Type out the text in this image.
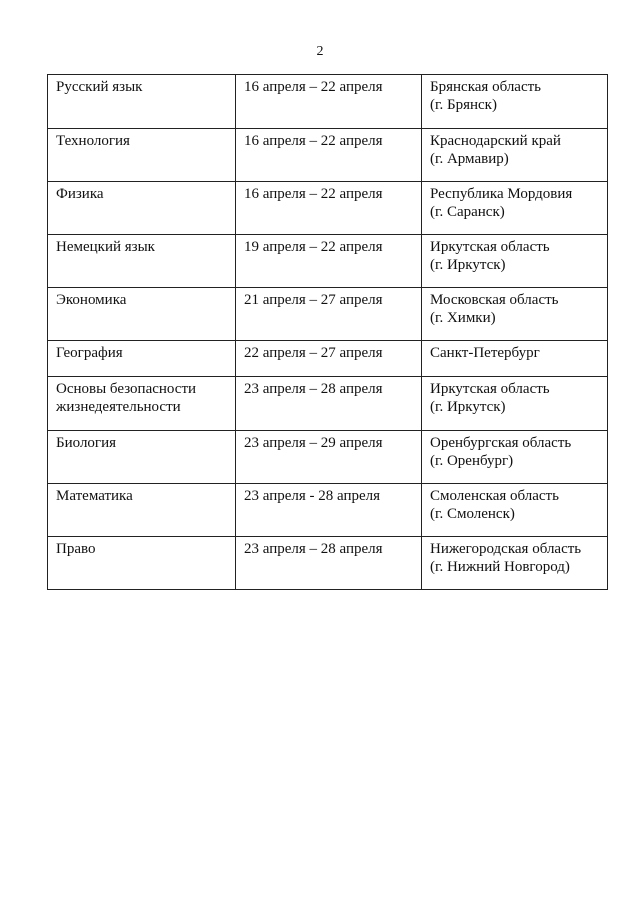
2
Русский язык	16 апреля – 22 апреля	Брянская область
(г. Брянск)

Технология	16 апреля – 22 апреля	Краснодарский край
(г. Армавир)

Физика	16 апреля – 22 апреля	Республика Мордовия
(г. Саранск)

Немецкий язык	19 апреля – 22 апреля	Иркутская область
(г. Иркутск)

Экономика	21 апреля – 27 апреля	Московская область
(г. Химки)

География	22 апреля – 27 апреля	Санкт-Петербург

Основы безопасности
жизнедеятельности	23 апреля – 28 апреля	Иркутская область
(г. Иркутск)

Биология	23 апреля – 29 апреля	Оренбургская область
(г. Оренбург)

Математика	23 апреля - 28 апреля	Смоленская область
(г. Смоленск)

Право	23 апреля – 28 апреля	Нижегородская область
(г. Нижний Новгород)
